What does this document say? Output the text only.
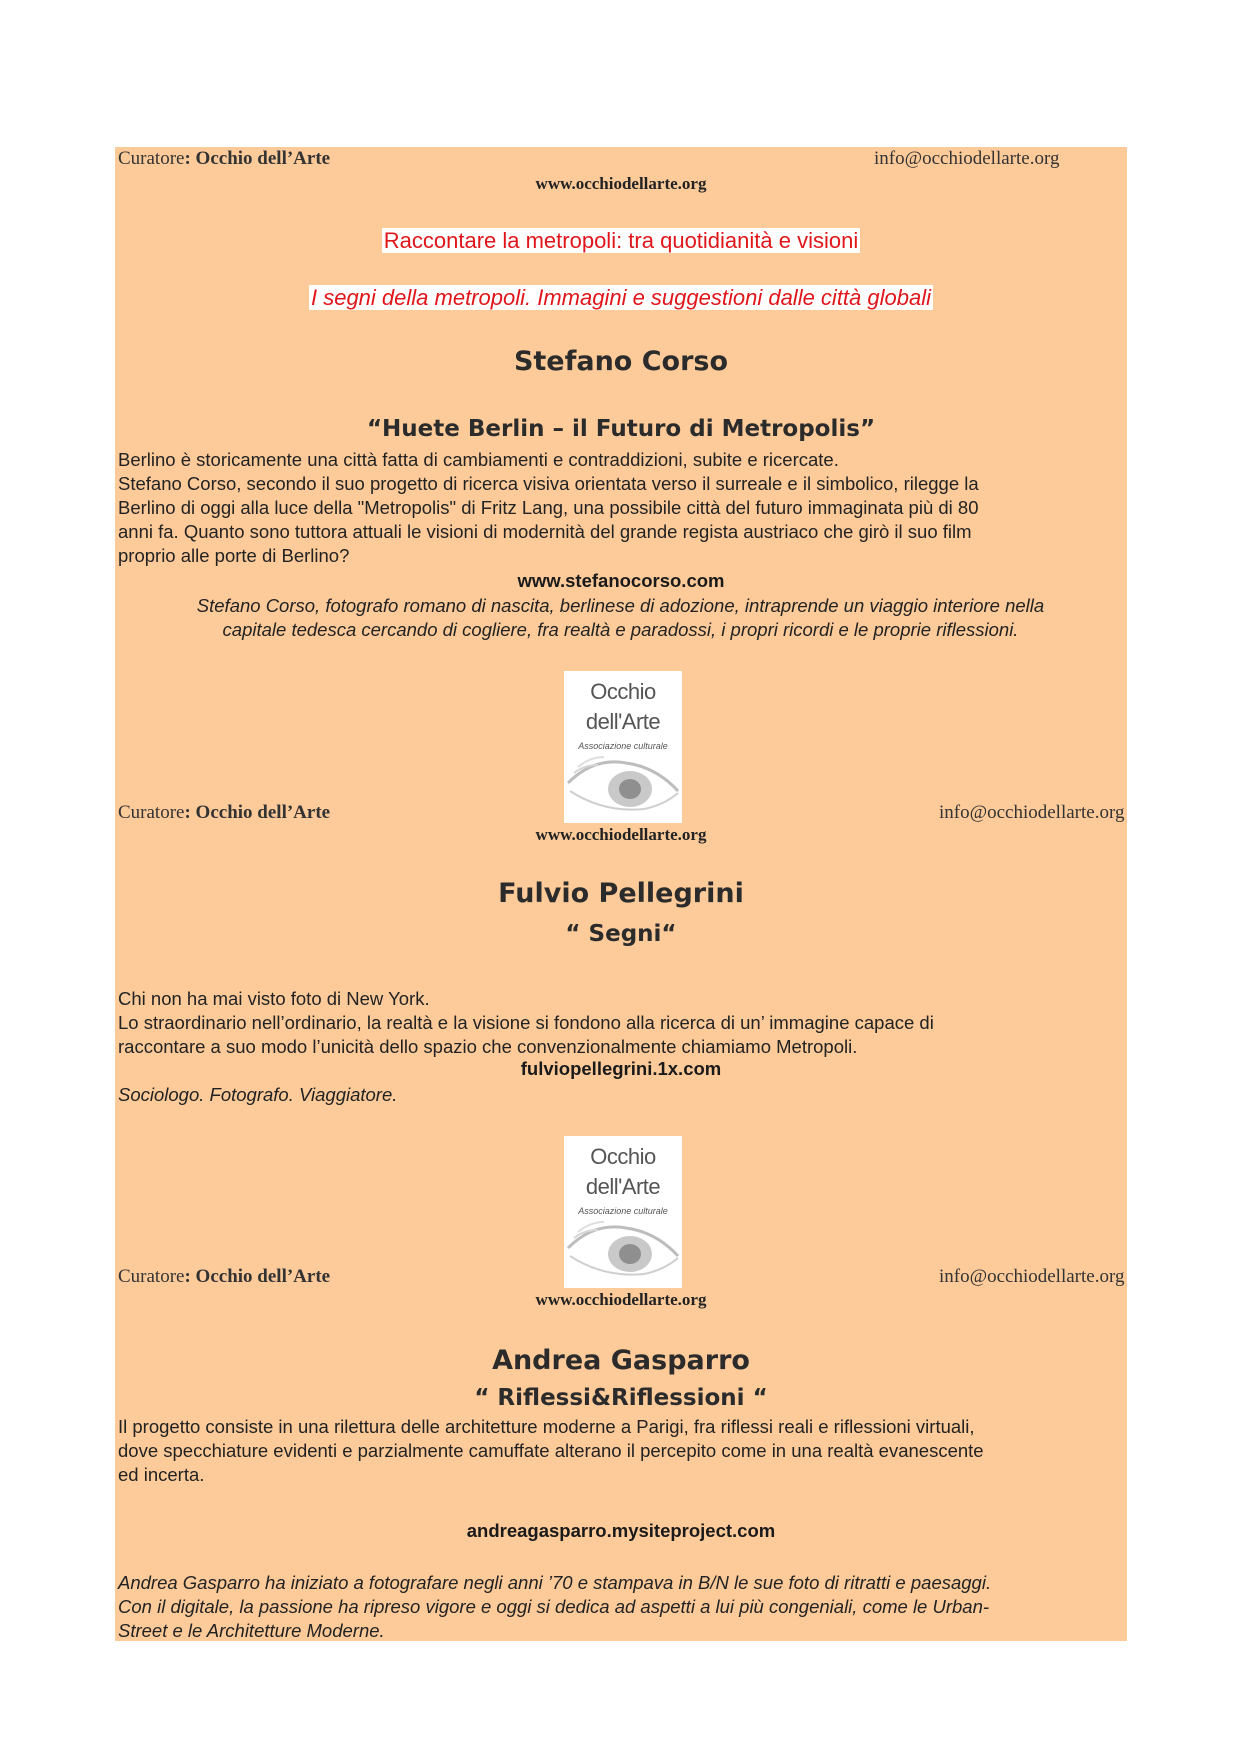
Curatore: Occhio dell’Arte	info@occhiodellarte.org
www.occhiodellarte.org
Raccontare la metropoli: tra quotidianità e visioni
I segni della metropoli. Immagini e suggestioni dalle città globali
Stefano Corso
“Huete Berlin – il Futuro di Metropolis”
Berlino è storicamente una città fatta di cambiamenti e contraddizioni, subite e ricercate.
Stefano Corso, secondo il suo progetto di ricerca visiva orientata verso il surreale e il simbolico, rilegge la
Berlino di oggi alla luce della "Metropolis" di Fritz Lang, una possibile città del futuro immaginata più di 80
anni fa. Quanto sono tuttora attuali le visioni di modernità del grande regista austriaco che girò il suo film
proprio alle porte di Berlino?
www.stefanocorso.com
Stefano Corso, fotografo romano di nascita, berlinese di adozione, intraprende un viaggio interiore nella
capitale tedesca cercando di cogliere, fra realtà e paradossi, i propri ricordi e le proprie riflessioni.
Occhio
dell'Arte
Associazione culturale
Curatore: Occhio dell’Arte	info@occhiodellarte.org
www.occhiodellarte.org
Fulvio Pellegrini
“ Segni“
Chi non ha mai visto foto di New York.
Lo straordinario nell’ordinario, la realtà e la visione si fondono alla ricerca di un’ immagine capace di
raccontare a suo modo l’unicità dello spazio che convenzionalmente chiamiamo Metropoli.
fulviopellegrini.1x.com
Sociologo. Fotografo. Viaggiatore.
Occhio
dell'Arte
Associazione culturale
Curatore: Occhio dell’Arte	info@occhiodellarte.org
www.occhiodellarte.org
Andrea Gasparro
“ Riflessi&Riflessioni “
Il progetto consiste in una rilettura delle architetture moderne a Parigi, fra riflessi reali e riflessioni virtuali,
dove specchiature evidenti e parzialmente camuffate alterano il percepito come in una realtà evanescente
ed incerta.
andreagasparro.mysiteproject.com
Andrea Gasparro ha iniziato a fotografare negli anni ’70 e stampava in B/N le sue foto di ritratti e paesaggi.
Con il digitale, la passione ha ripreso vigore e oggi si dedica ad aspetti a lui più congeniali, come le Urban-
Street e le Architetture Moderne.
